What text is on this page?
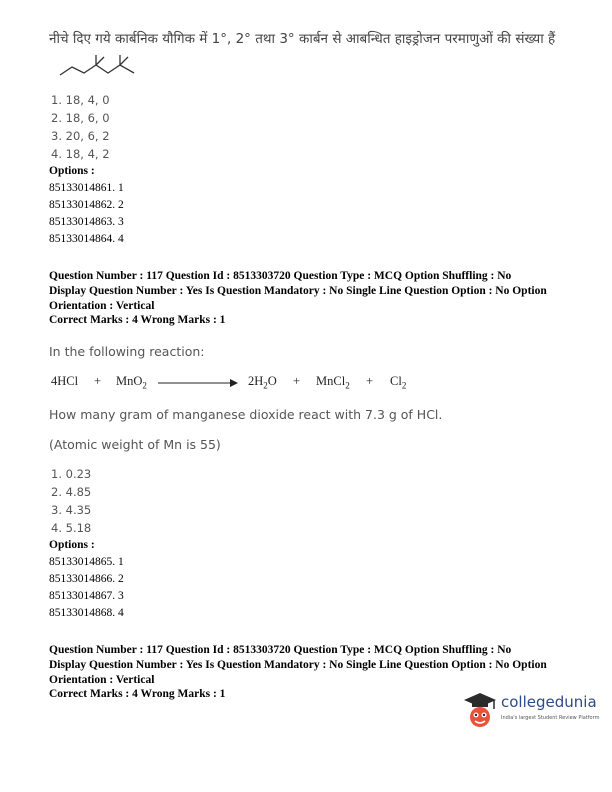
नीचे दिए गये कार्बनिक यौगिक में 1°, 2° तथा 3° कार्बन से आबन्धित हाइड्रोजन परमाणुओं की संख्या हैं
1. 18, 4, 0
2. 18, 6, 0
3. 20, 6, 2
4. 18, 4, 2
Options :
85133014861. 1
85133014862. 2
85133014863. 3
85133014864. 4
Question Number : 117 Question Id : 8513303720 Question Type : MCQ Option Shuffling : No
Display Question Number : Yes Is Question Mandatory : No Single Line Question Option : No Option
Orientation : Vertical
Correct Marks : 4 Wrong Marks : 1
In the following reaction:
4HCl + MnO$_2$	$2H_2O$ + MnCl$_2$ + $Cl_2$
How many gram of manganese dioxide react with 7.3 g of HCl.
(Atomic weight of Mn is 55)
1. 0.23
2. 4.85
3. 4.35
4. 5.18
Options :
85133014865. 1
85133014866. 2
85133014867. 3
85133014868. 4
Question Number : 117 Question Id : 8513303720 Question Type : MCQ Option Shuffling : No
Display Question Number : Yes Is Question Mandatory : No Single Line Question Option : No Option
Orientation : Vertical
Correct Marks : 4 Wrong Marks : 1	collegedunia
India's largest Student Review Platform
